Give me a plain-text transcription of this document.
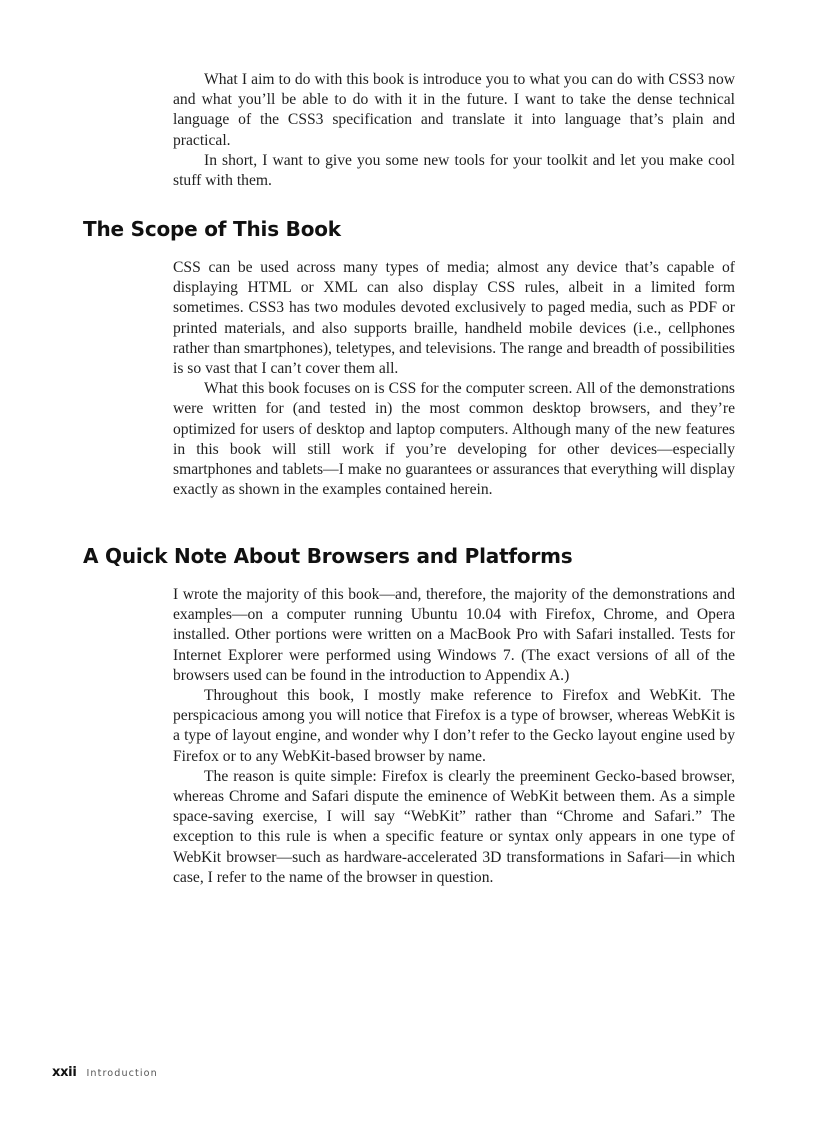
What I aim to do with this book is introduce you to what you can do with CSS3 now and what you’ll be able to do with it in the future. I want to take the dense technical language of the CSS3 specification and translate it into language that’s plain and practical.

In short, I want to give you some new tools for your toolkit and let you make cool stuff with them.

The Scope of This Book

CSS can be used across many types of media; almost any device that’s capable of displaying HTML or XML can also display CSS rules, albeit in a limited form sometimes. CSS3 has two modules devoted exclusively to paged media, such as PDF or printed materials, and also supports braille, handheld mobile devices (i.e., cellphones rather than smartphones), teletypes, and televisions. The range and breadth of possibilities is so vast that I can’t cover them all.

What this book focuses on is CSS for the computer screen. All of the demonstrations were written for (and tested in) the most common desktop browsers, and they’re optimized for users of desktop and laptop computers. Although many of the new features in this book will still work if you’re developing for other devices—especially smartphones and tablets—I make no guarantees or assurances that everything will display exactly as shown in the examples contained herein.

A Quick Note About Browsers and Platforms

I wrote the majority of this book—and, therefore, the majority of the demonstrations and examples—on a computer running Ubuntu 10.04 with Firefox, Chrome, and Opera installed. Other portions were written on a MacBook Pro with Safari installed. Tests for Internet Explorer were performed using Windows 7. (The exact versions of all of the browsers used can be found in the introduction to Appendix A.)

Throughout this book, I mostly make reference to Firefox and WebKit. The perspicacious among you will notice that Firefox is a type of browser, whereas WebKit is a type of layout engine, and wonder why I don’t refer to the Gecko layout engine used by Firefox or to any WebKit-based browser by name.

The reason is quite simple: Firefox is clearly the preeminent Gecko-based browser, whereas Chrome and Safari dispute the eminence of WebKit between them. As a simple space-saving exercise, I will say “WebKit” rather than “Chrome and Safari.” The exception to this rule is when a specific feature or syntax only appears in one type of WebKit browser—such as hardware-accelerated 3D transformations in Safari—in which case, I refer to the name of the browser in question.

xxii Introduction
